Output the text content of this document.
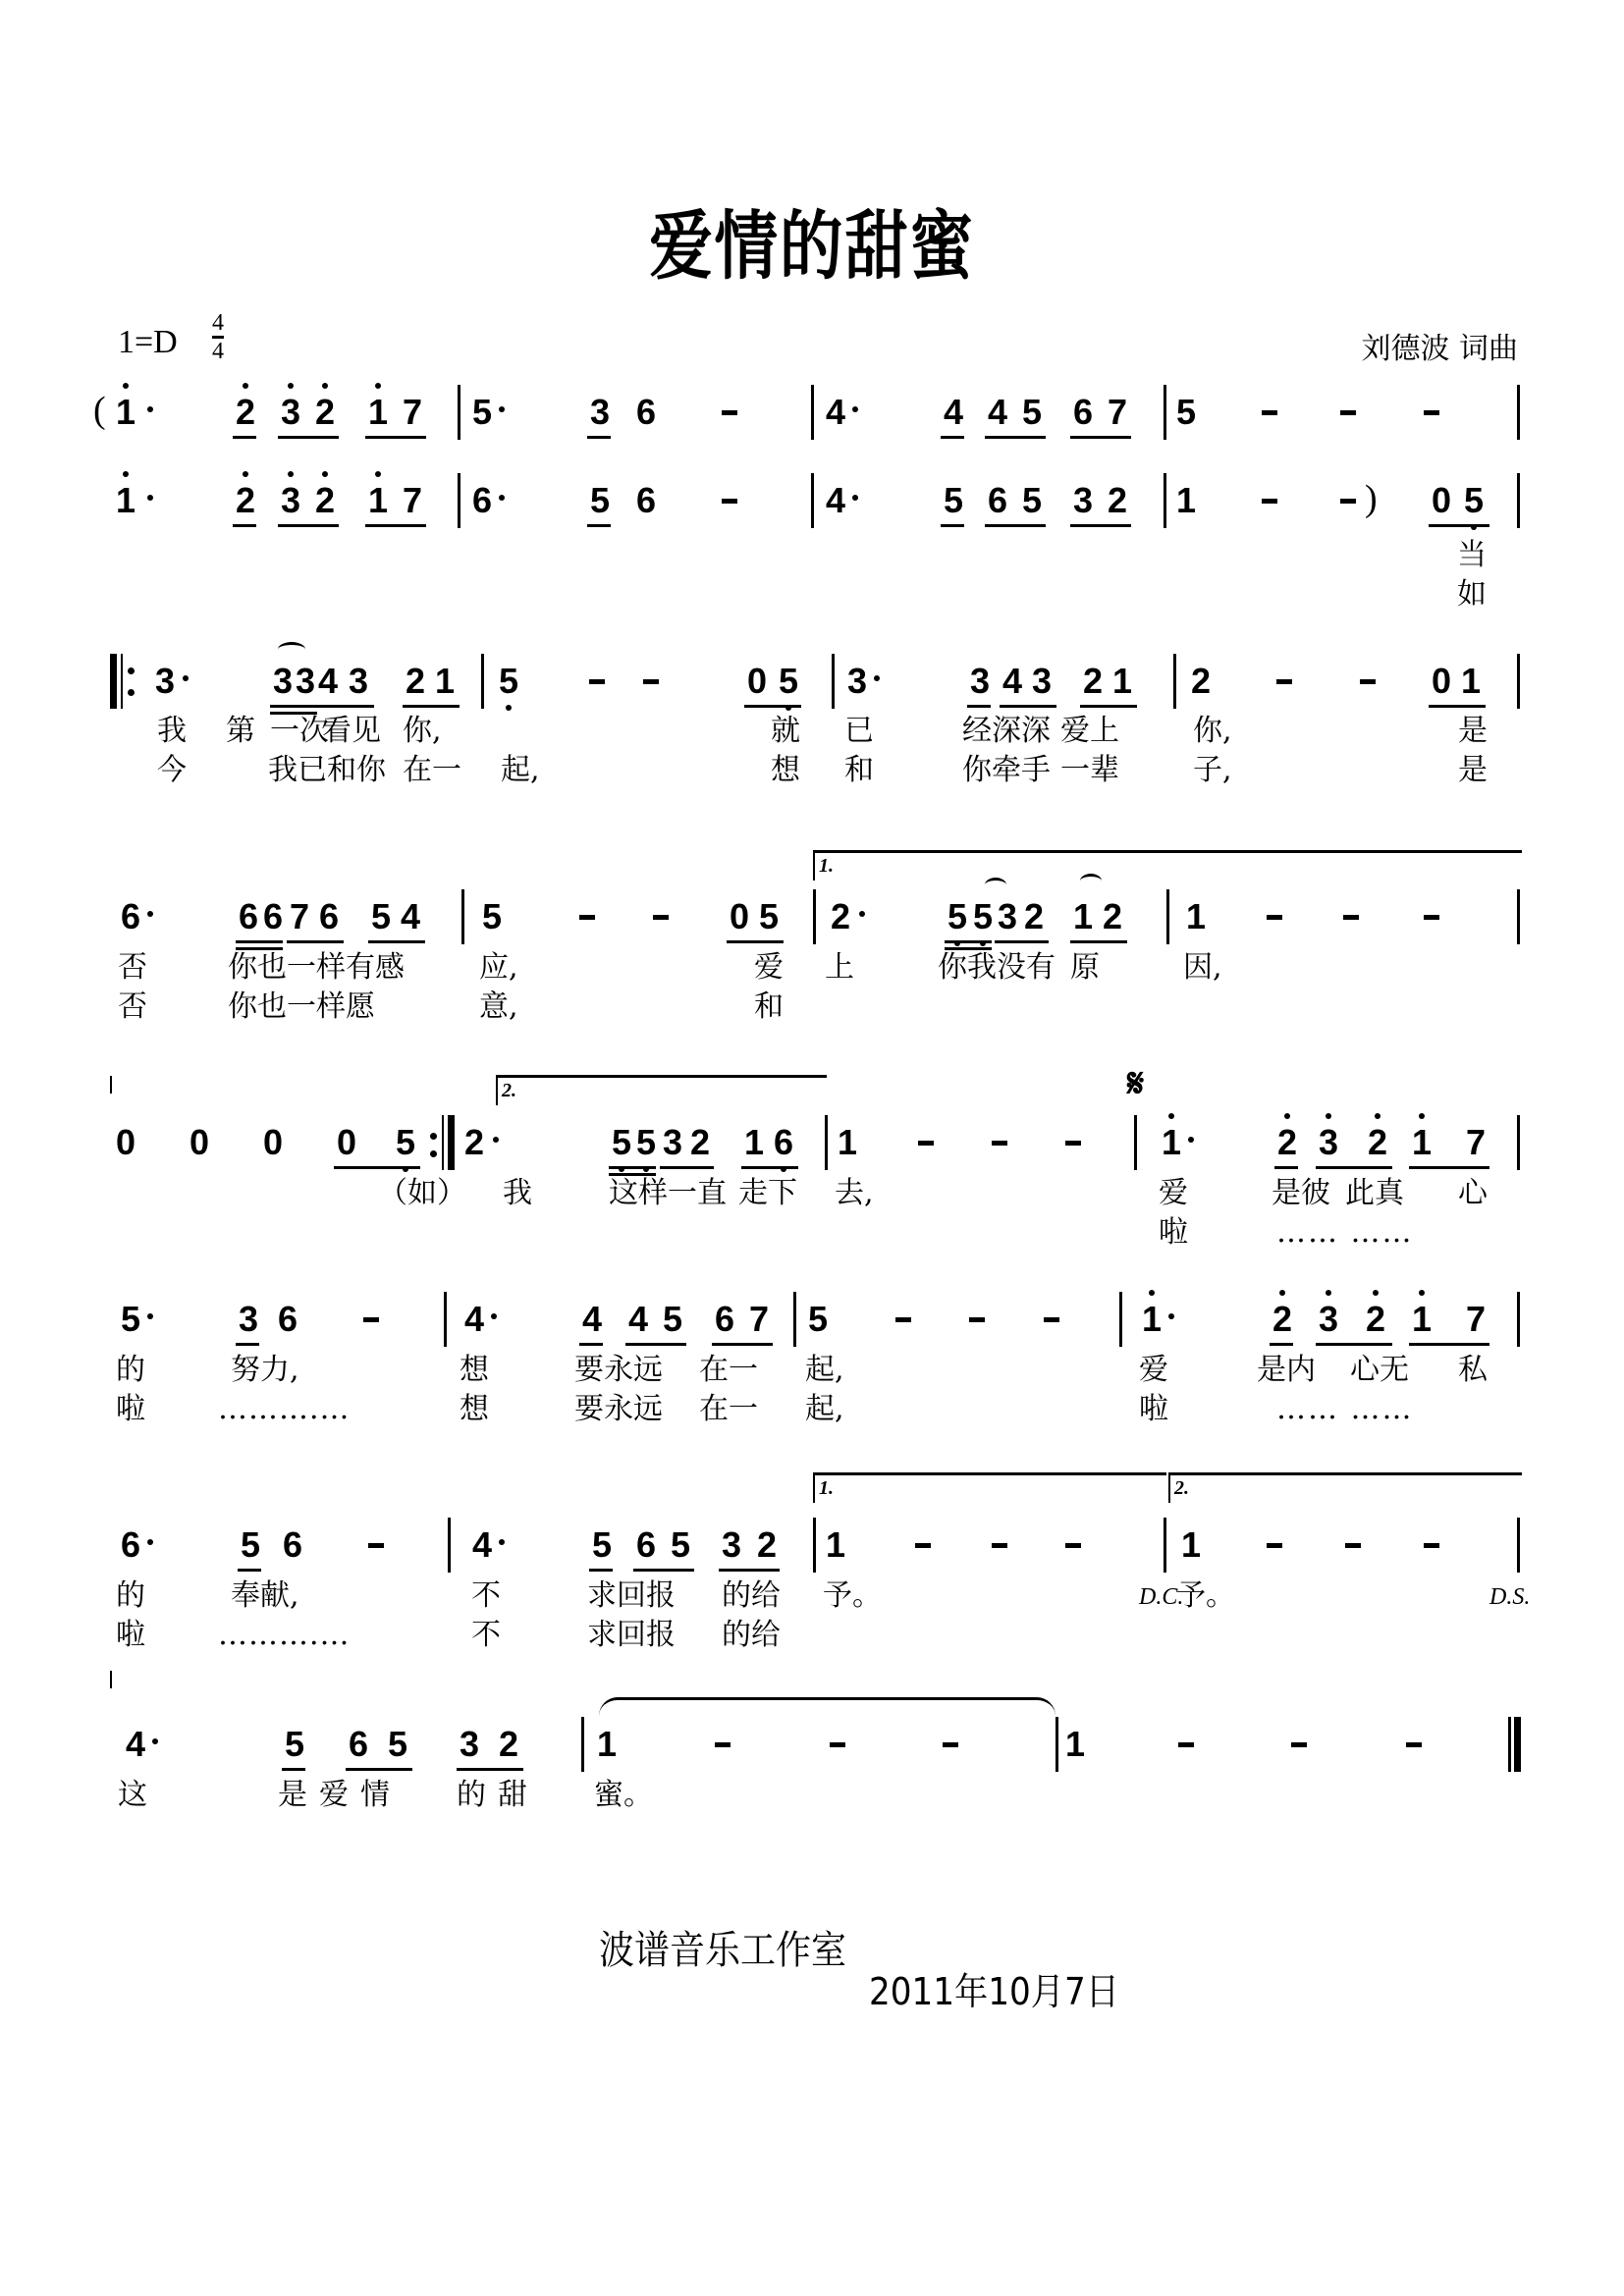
爱情的甜蜜
1=D
4
4	刘德波 词曲
( 1	2 3 2 1 7 5	3 6	4	4 4 5 6 7 5
1	2 3 2 1 7 6	5 6	4	5 6 5 3 2 1	) 0 5
当
如
3	3 3 4 3 2 1 5	0 5 3	3 4 3 2 1 2	0 1
我 第 一次
看见 你,	就 已	经深深 爱上	你,	是
今	我已和你 在一 起,	想 和	你牵手 一辈	子,	是
1.
6	6 6 7 6 5 4 5	0 5 2	5 5 3 2 1 2 1
否	你也一样 有感	应,	爱 上	你我没有 原	因,
否	你也一样 愿	意,	和
2.	𝄋
0 0 0 0 5 2	5 5 3 2 1 6 1	1	2 3 2 1 7
（如） 我	这样一直 走下 去,	爱	是彼 此真 心
啦	…… ……
5	3 6	4	4 4 5 6 7 5	1	2 3 2 1 7
的	努力,	想	要永远 在一 起,	爱	是内 心无 私
啦 ……….…	想	要永远 在一 起,	啦	…… ……
1.	2.
6	5 6	4	5 6 5 3 2 1	1
的	奉献,	不	求回报 的给 予。	D.C.
予。	D.S.
啦 ……….…	不	求回报 的给
4	5 6 5 3 2 1	1
这	是爱情 的甜 蜜。
波谱音乐工作室
2011年10月7日
